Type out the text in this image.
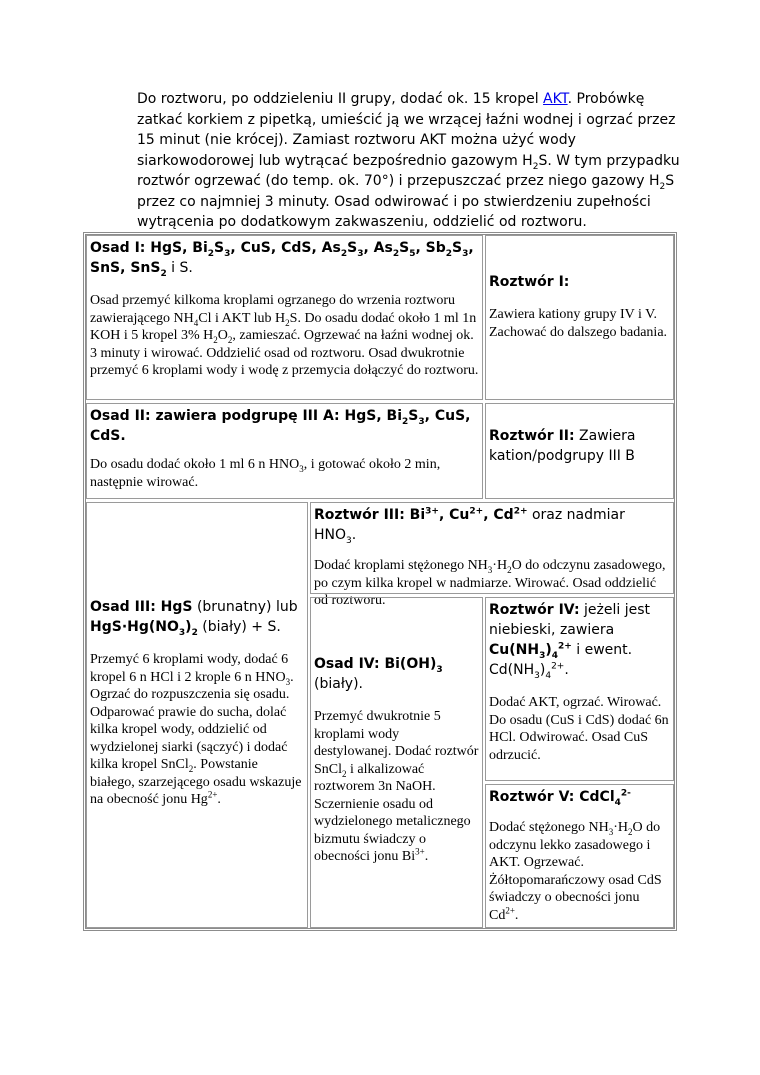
Do roztworu, po oddzieleniu II grupy, dodać ok. 15 kropel AKT. Probówkę zatkać korkiem z pipetką, umieścić ją we wrzącej łaźni wodnej i ogrzać przez 15 minut (nie krócej). Zamiast roztworu AKT można użyć wody siarkowodorowej lub wytrącać bezpośrednio gazowym $H_2S$. W tym przypadku roztwór ogrzewać (do temp. ok. 70°) i przepuszczać przez niego gazowy $H_2S$ przez co najmniej 3 minuty. Osad odwirować i po stwierdzeniu zupełności wytrącenia po dodatkowym zakwaszeniu, oddzielić od roztworu.

Osad I: HgS, $Bi_2S_3$, CuS, CdS, $As_2S_3$, $As_2S_5$, $Sb_2S_3$, SnS, SnS$_2$ i S.
Osad przemyć kilkoma kroplami ogrzanego do wrzenia roztworu zawierającego $NH_4Cl$ i AKT lub $H_2S$. Do osadu dodać około 1 ml 1n KOH i 5 kropel 3% $H_2O_2$, zamieszać. Ogrzewać na łaźni wodnej ok. 3 minuty i wirować. Oddzielić osad od roztworu. Osad dwukrotnie przemyć 6 kroplami wody i wodę z przemycia dołączyć do roztworu.
Roztwór I:
Zawiera kationy grupy IV i V. Zachować do dalszego badania.
Osad II: zawiera podgrupę III A: HgS, $Bi_2S_3$, CuS, CdS.
Do osadu dodać około 1 ml 6 n $HNO_3$, i gotować około 2 min, następnie wirować.
Roztwór II: Zawiera kation/podgrupy III B
Osad III: HgS (brunatny) lub $HgS\cdot Hg(NO_3)_2$ (biały) + S.
Przemyć 6 kroplami wody, dodać 6 kropel 6 n HCl i 2 krople 6 n $HNO_3$. Ogrzać do rozpuszczenia się osadu. Odparować prawie do sucha, dolać kilka kropel wody, oddzielić od wydzielonej siarki (sączyć) i dodać kilka kropel SnCl$_2$. Powstanie białego, szarzejącego osadu wskazuje na obecność jonu $Hg^{2+}$.
Roztwór III: $Bi^{3+}$, $Cu^{2+}$, $Cd^{2+}$ oraz nadmiar $HNO_3$.
Dodać kroplami stężonego $NH_3\cdot H_2O$ do odczynu zasadowego, po czym kilka kropel w nadmiarze. Wirować. Osad oddzielić od roztworu.
Osad IV: $Bi(OH)_3$ (biały).
Przemyć dwukrotnie 5 kroplami wody destylowanej. Dodać roztwór SnCl$_2$ i alkalizować roztworem 3n NaOH. Sczernienie osadu od wydzielonego metalicznego bizmutu świadczy o obecności jonu $Bi^{3+}$.
Roztwór IV: jeżeli jest niebieski, zawiera $Cu(NH_3)_4^{2+}$ i ewent. $Cd(NH_3)_4^{2+}$.
Dodać AKT, ogrzać. Wirować. Do osadu (CuS i CdS) dodać 6n HCl. Odwirować. Osad CuS odrzucić.
Roztwór V: CdCl$_4^{2-}$
Dodać stężonego $NH_3\cdot H_2O$ do odczynu lekko zasadowego i AKT. Ogrzewać. Żółtopomarańczowy osad CdS świadczy o obecności jonu $Cd^{2+}$.
